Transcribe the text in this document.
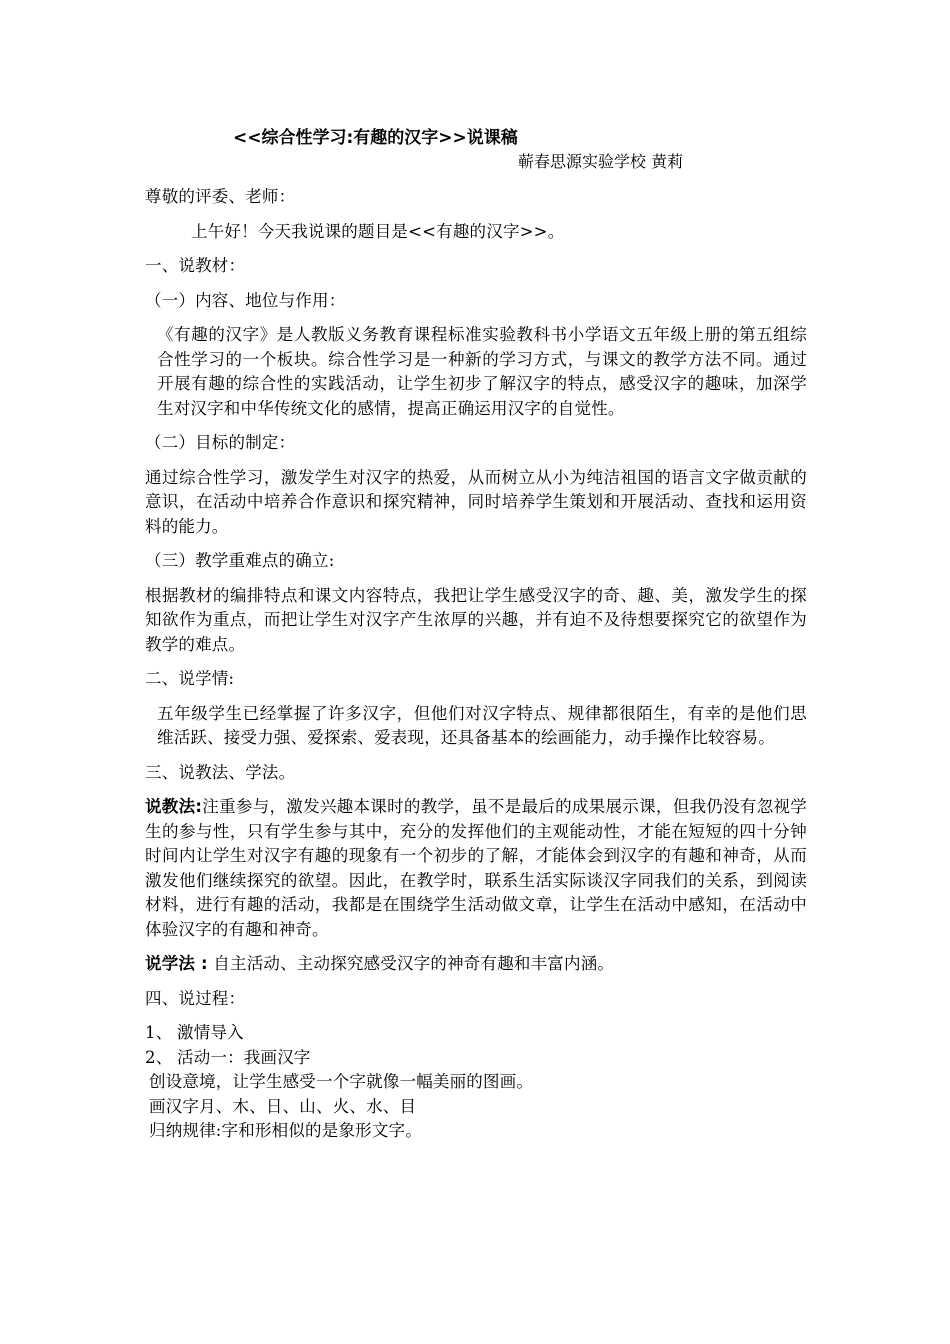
<<综合性学习:有趣的汉字>>说课稿
蕲春思源实验学校 黄莉

尊敬的评委、老师：

上午好！今天我说课的题目是<<有趣的汉字>>。

一、说教材：

（一）内容、地位与作用：

《有趣的汉字》是人教版义务教育课程标准实验教科书小学语文五年级上册的第五组综合性学习的一个板块。综合性学习是一种新的学习方式，与课文的教学方法不同。通过开展有趣的综合性的实践活动，让学生初步了解汉字的特点，感受汉字的趣味，加深学生对汉字和中华传统文化的感情，提高正确运用汉字的自觉性。

（二）目标的制定：

通过综合性学习，激发学生对汉字的热爱，从而树立从小为纯洁祖国的语言文字做贡献的意识，在活动中培养合作意识和探究精神，同时培养学生策划和开展活动、查找和运用资料的能力。

（三）教学重难点的确立:

根据教材的编排特点和课文内容特点，我把让学生感受汉字的奇、趣、美，激发学生的探知欲作为重点，而把让学生对汉字产生浓厚的兴趣，并有迫不及待想要探究它的欲望作为教学的难点。

二、说学情:

五年级学生已经掌握了许多汉字，但他们对汉字特点、规律都很陌生，有幸的是他们思维活跃、接受力强、爱探索、爱表现，还具备基本的绘画能力，动手操作比较容易。

三、说教法、学法。

说教法:注重参与，激发兴趣本课时的教学，虽不是最后的成果展示课，但我仍没有忽视学生的参与性，只有学生参与其中，充分的发挥他们的主观能动性，才能在短短的四十分钟时间内让学生对汉字有趣的现象有一个初步的了解，才能体会到汉字的有趣和神奇，从而激发他们继续探究的欲望。因此，在教学时，联系生活实际谈汉字同我们的关系，到阅读材料，进行有趣的活动，我都是在围绕学生活动做文章，让学生在活动中感知，在活动中体验汉字的有趣和神奇。

说学法 : 自主活动、主动探究感受汉字的神奇有趣和丰富内涵。

四、说过程：

1、 激情导入

2、 活动一：我画汉字

创设意境，让学生感受一个字就像一幅美丽的图画。

画汉字月、木、日、山、火、水、目

归纳规律:字和形相似的是象形文字。
